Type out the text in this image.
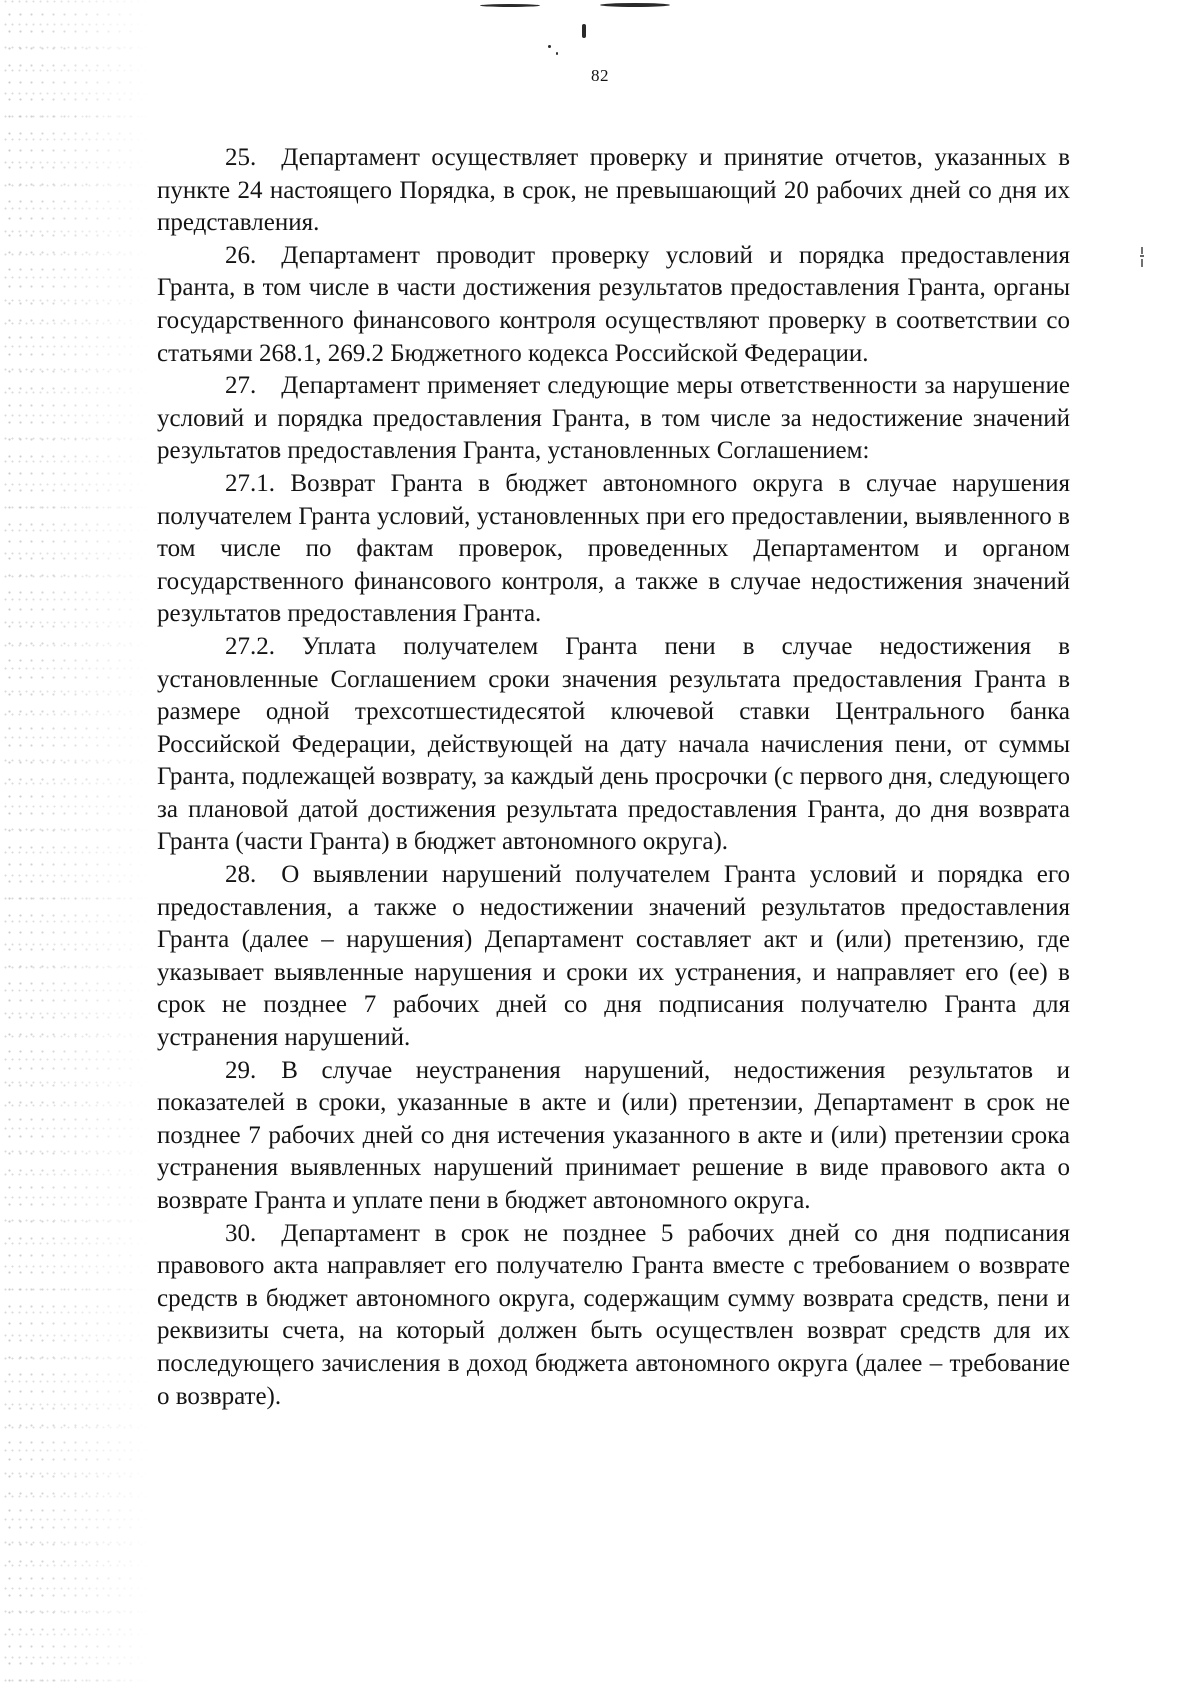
82

25. Департамент осуществляет проверку и принятие отчетов, указанных в пункте 24 настоящего Порядка, в срок, не превышающий 20 рабочих дней со дня их представления.

26. Департамент проводит проверку условий и порядка предоставления Гранта, в том числе в части достижения результатов предоставления Гранта, органы государственного финансового контроля осуществляют проверку в соответствии со статьями 268.1, 269.2 Бюджетного кодекса Российской Федерации.

27. Департамент применяет следующие меры ответственности за нарушение условий и порядка предоставления Гранта, в том числе за недостижение значений результатов предоставления Гранта, установленных Соглашением:

27.1. Возврат Гранта в бюджет автономного округа в случае нарушения получателем Гранта условий, установленных при его предоставлении, выявленного в том числе по фактам проверок, проведенных Департаментом и органом государственного финансового контроля, а также в случае недостижения значений результатов предоставления Гранта.

27.2. Уплата получателем Гранта пени в случае недостижения в установленные Соглашением сроки значения результата предоставления Гранта в размере одной трехсотшестидесятой ключевой ставки Центрального банка Российской Федерации, действующей на дату начала начисления пени, от суммы Гранта, подлежащей возврату, за каждый день просрочки (с первого дня, следующего за плановой датой достижения результата предоставления Гранта, до дня возврата Гранта (части Гранта) в бюджет автономного округа).

28. О выявлении нарушений получателем Гранта условий и порядка его предоставления, а также о недостижении значений результатов предоставления Гранта (далее – нарушения) Департамент составляет акт и (или) претензию, где указывает выявленные нарушения и сроки их устранения, и направляет его (ее) в срок не позднее 7 рабочих дней со дня подписания получателю Гранта для устранения нарушений.

29. В случае неустранения нарушений, недостижения результатов и показателей в сроки, указанные в акте и (или) претензии, Департамент в срок не позднее 7 рабочих дней со дня истечения указанного в акте и (или) претензии срока устранения выявленных нарушений принимает решение в виде правового акта о возврате Гранта и уплате пени в бюджет автономного округа.

30. Департамент в срок не позднее 5 рабочих дней со дня подписания правового акта направляет его получателю Гранта вместе с требованием о возврате средств в бюджет автономного округа, содержащим сумму возврата средств, пени и реквизиты счета, на который должен быть осуществлен возврат средств для их последующего зачисления в доход бюджета автономного округа (далее – требование о возврате).
